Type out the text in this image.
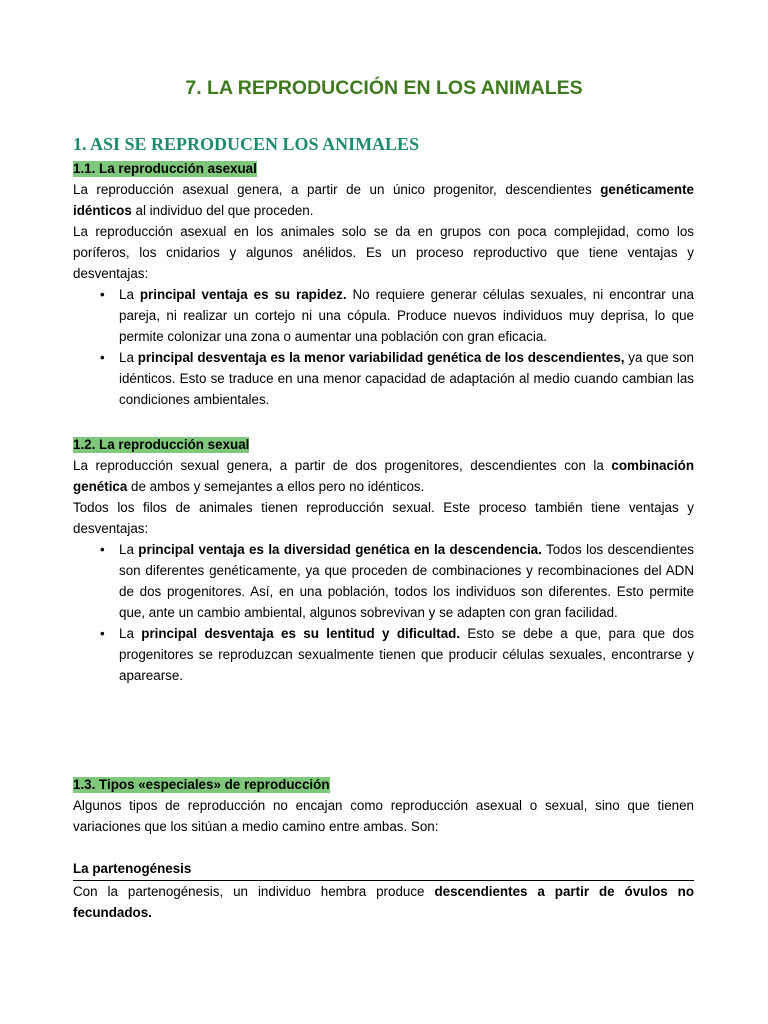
7. LA REPRODUCCIÓN EN LOS ANIMALES
1. ASI SE REPRODUCEN LOS ANIMALES
1.1. La reproducción asexual

La reproducción asexual genera, a partir de un único progenitor, descendientes genéticamente idénticos al individuo del que proceden.

La reproducción asexual en los animales solo se da en grupos con poca complejidad, como los poríferos, los cnidarios y algunos anélidos. Es un proceso reproductivo que tiene ventajas y desventajas:

• La principal ventaja es su rapidez. No requiere generar células sexuales, ni encontrar una pareja, ni realizar un cortejo ni una cópula. Produce nuevos individuos muy deprisa, lo que permite colonizar una zona o aumentar una población con gran eficacia.
• La principal desventaja es la menor variabilidad genética de los descendientes, ya que son idénticos. Esto se traduce en una menor capacidad de adaptación al medio cuando cambian las condiciones ambientales.
1.2. La reproducción sexual

La reproducción sexual genera, a partir de dos progenitores, descendientes con la combinación genética de ambos y semejantes a ellos pero no idénticos.

Todos los filos de animales tienen reproducción sexual. Este proceso también tiene ventajas y desventajas:

• La principal ventaja es la diversidad genética en la descendencia. Todos los descendientes son diferentes genéticamente, ya que proceden de combinaciones y recombinaciones del ADN de dos progenitores. Así, en una población, todos los individuos son diferentes. Esto permite que, ante un cambio ambiental, algunos sobrevivan y se adapten con gran facilidad.
• La principal desventaja es su lentitud y dificultad. Esto se debe a que, para que dos progenitores se reproduzcan sexualmente tienen que producir células sexuales, encontrarse y aparearse.
1.3. Tipos «especiales» de reproducción

Algunos tipos de reproducción no encajan como reproducción asexual o sexual, sino que tienen variaciones que los sitúan a medio camino entre ambas. Son:

La partenogénesis

Con la partenogénesis, un individuo hembra produce descendientes a partir de óvulos no fecundados.
